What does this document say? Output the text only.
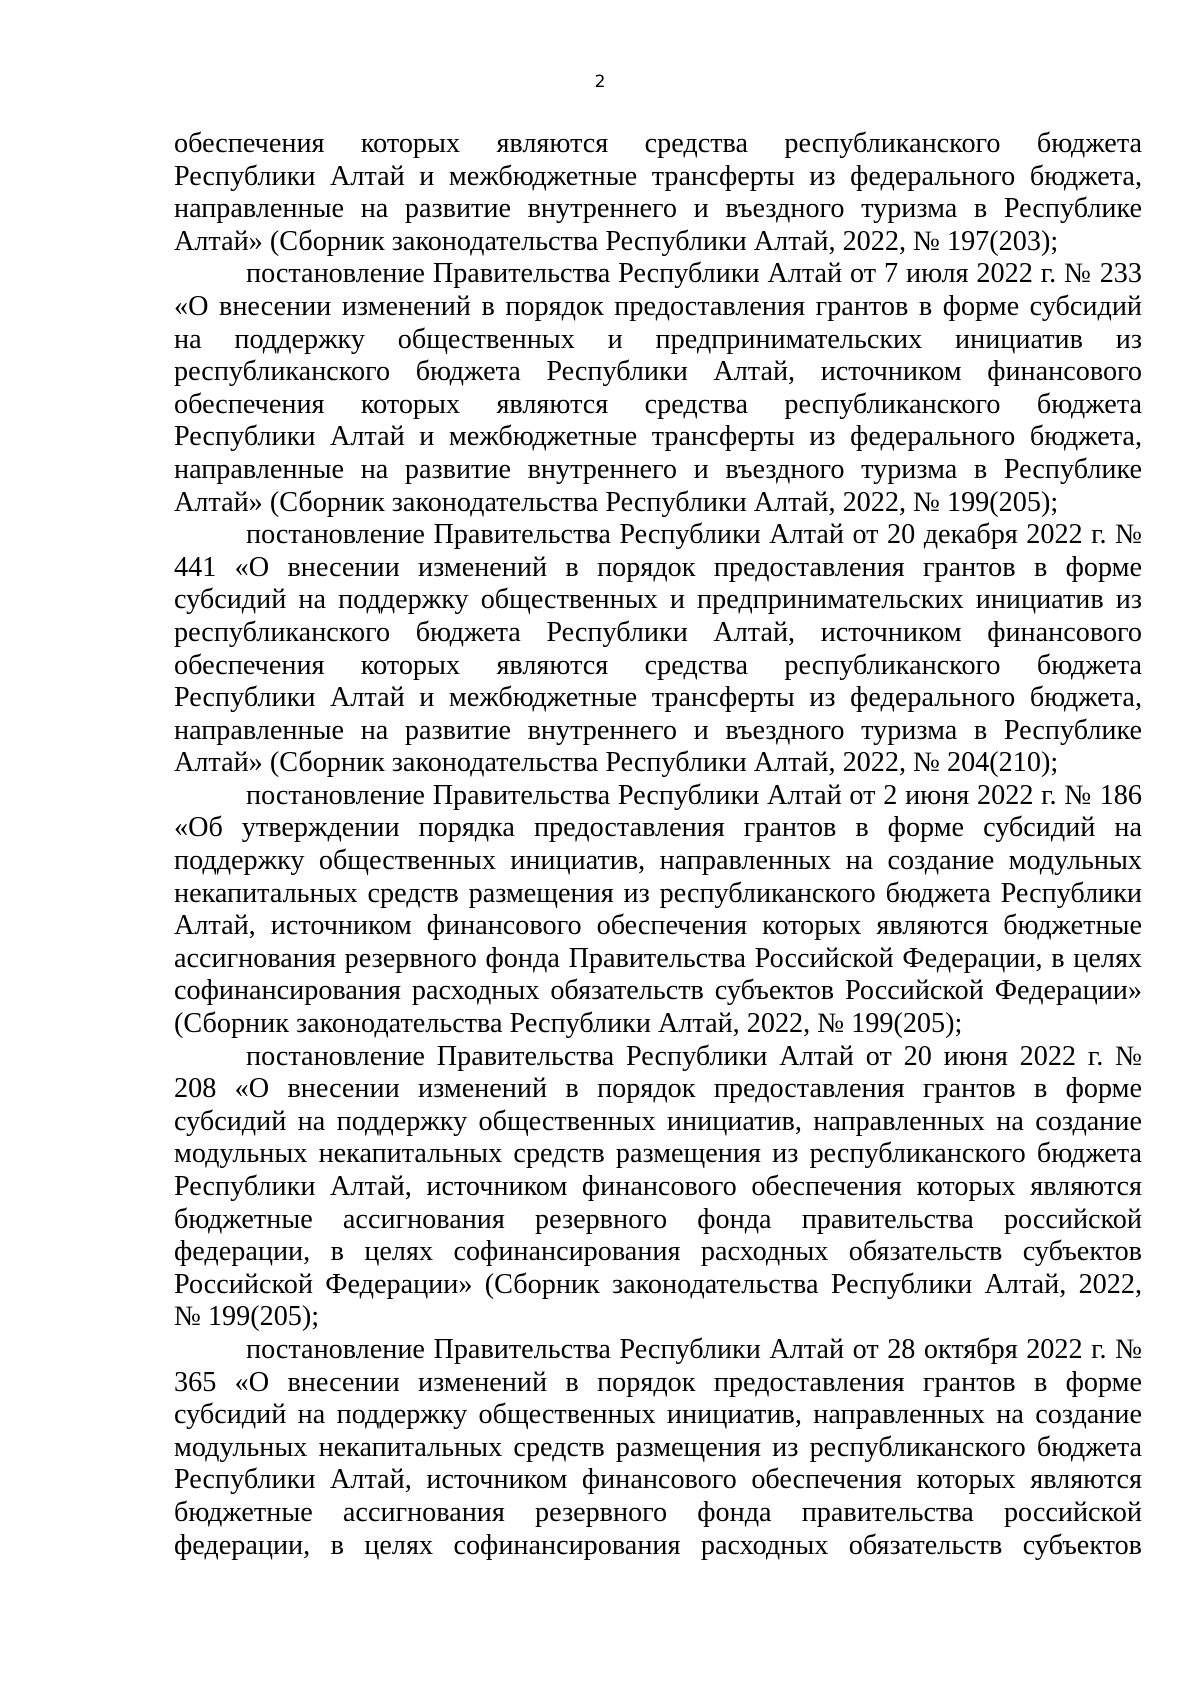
2

обеспечения которых являются средства республиканского бюджета Республики Алтай и межбюджетные трансферты из федерального бюджета, направленные на развитие внутреннего и въездного туризма в Республике Алтай» (Сборник законодательства Республики Алтай, 2022, № 197(203);

постановление Правительства Республики Алтай от 7 июля 2022 г. № 233 «О внесении изменений в порядок предоставления грантов в форме субсидий на поддержку общественных и предпринимательских инициатив из республиканского бюджета Республики Алтай, источником финансового обеспечения которых являются средства республиканского бюджета Республики Алтай и межбюджетные трансферты из федерального бюджета, направленные на развитие внутреннего и въездного туризма в Республике Алтай» (Сборник законодательства Республики Алтай, 2022, № 199(205);

постановление Правительства Республики Алтай от 20 декабря 2022 г. № 441 «О внесении изменений в порядок предоставления грантов в форме субсидий на поддержку общественных и предпринимательских инициатив из республиканского бюджета Республики Алтай, источником финансового обеспечения которых являются средства республиканского бюджета Республики Алтай и межбюджетные трансферты из федерального бюджета, направленные на развитие внутреннего и въездного туризма в Республике Алтай» (Сборник законодательства Республики Алтай, 2022, № 204(210);

постановление Правительства Республики Алтай от 2 июня 2022 г. № 186 «Об утверждении порядка предоставления грантов в форме субсидий на поддержку общественных инициатив, направленных на создание модульных некапитальных средств размещения из республиканского бюджета Республики Алтай, источником финансового обеспечения которых являются бюджетные ассигнования резервного фонда Правительства Российской Федерации, в целях софинансирования расходных обязательств субъектов Российской Федерации» (Сборник законодательства Республики Алтай, 2022, № 199(205);

постановление Правительства Республики Алтай от 20 июня 2022 г. № 208 «О внесении изменений в порядок предоставления грантов в форме субсидий на поддержку общественных инициатив, направленных на создание модульных некапитальных средств размещения из республиканского бюджета Республики Алтай, источником финансового обеспечения которых являются бюджетные ассигнования резервного фонда правительства российской федерации, в целях софинансирования расходных обязательств субъектов Российской Федерации» (Сборник законодательства Республики Алтай, 2022, № 199(205);

постановление Правительства Республики Алтай от 28 октября 2022 г. № 365 «О внесении изменений в порядок предоставления грантов в форме субсидий на поддержку общественных инициатив, направленных на создание модульных некапитальных средств размещения из республиканского бюджета Республики Алтай, источником финансового обеспечения которых являются бюджетные ассигнования резервного фонда правительства российской федерации, в целях софинансирования расходных обязательств субъектов
